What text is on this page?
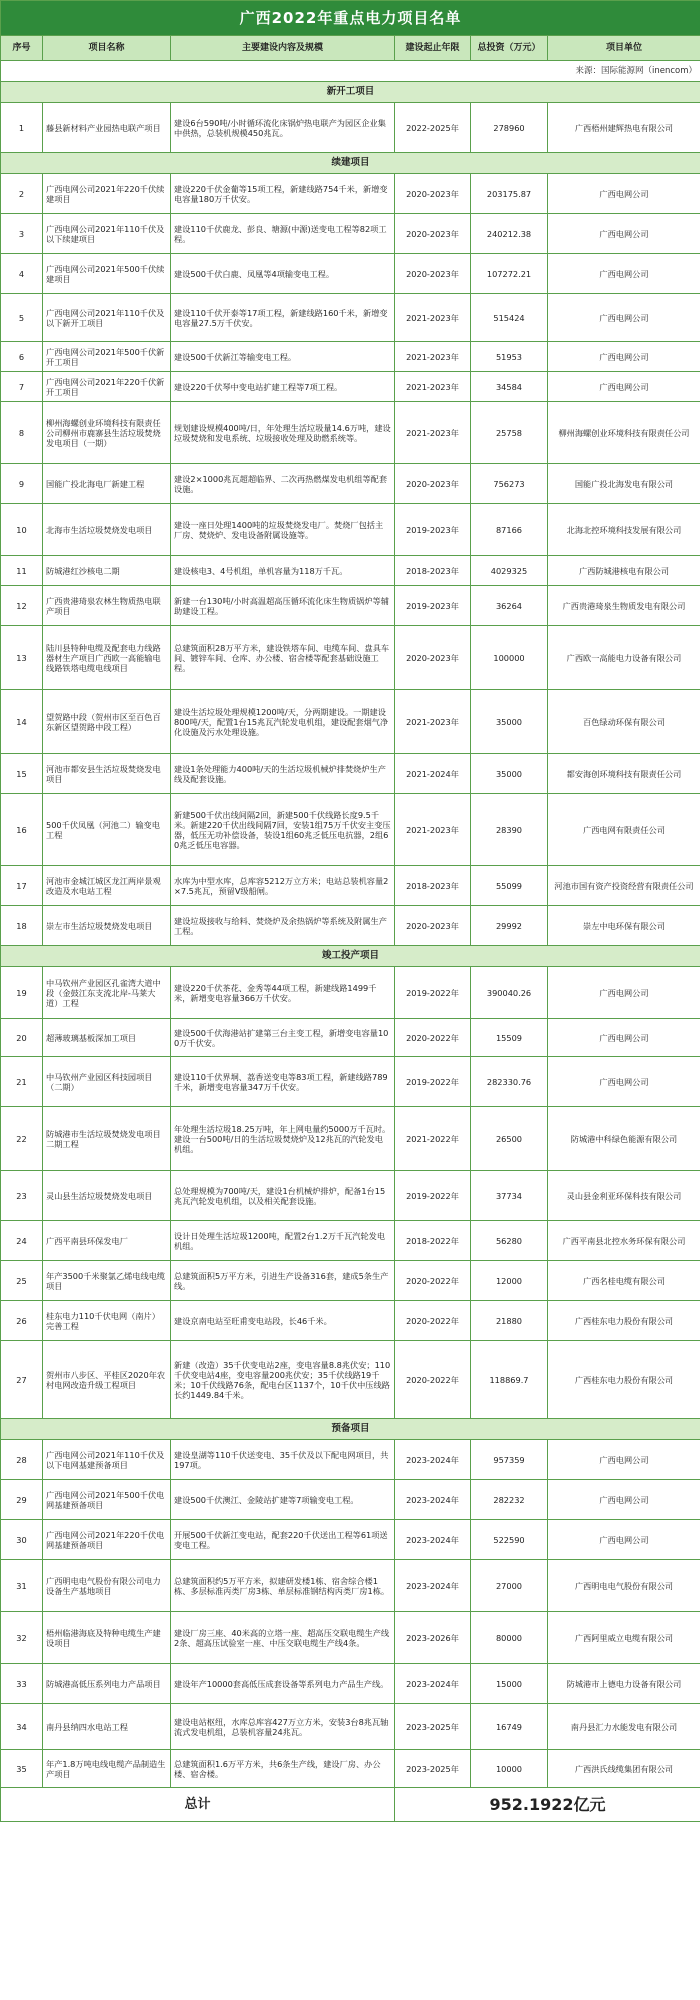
广西2022年重点电力项目名单					
序号	项目名称	主要建设内容及规模	建设起止年限	总投资（万元）	项目单位
来源：国际能源网（inencom）					
新开工项目					
1	藤县新材料产业园热电联产项目	建设6台590吨/小时循环流化床锅炉热电联产为园区企业集中供热，总装机规模450兆瓦。	2022-2025年	278960	广西梧州建辉热电有限公司
续建项目					
2	广西电网公司2021年220千伏续建项目	建设220千伏金葡等15项工程，新建线路754千米，新增变电容量180万千伏安。	2020-2023年	203175.87	广西电网公司
3	广西电网公司2021年110千伏及以下续建项目	建设110千伏鹿龙、彭良、塘源(中源)送变电工程等82项工程。	2020-2023年	240212.38	广西电网公司
4	广西电网公司2021年500千伏续建项目	建设500千伏白鹿、凤凰等4项输变电工程。	2020-2023年	107272.21	广西电网公司
5	广西电网公司2021年110千伏及以下新开工项目	建设110千伏开泰等17项工程，新建线路160千米，新增变电容量27.5万千伏安。	2021-2023年	515424	广西电网公司
6	广西电网公司2021年500千伏新开工项目	建设500千伏新江等输变电工程。	2021-2023年	51953	广西电网公司
7	广西电网公司2021年220千伏新开工项目	建设220千伏琴中变电站扩建工程等7项工程。	2021-2023年	34584	广西电网公司
8	柳州海螺创业环境科技有限责任公司柳州市鹿寨县生活垃圾焚烧发电项目（一期）	规划建设规模400吨/日，年处理生活垃圾量14.6万吨，建设垃圾焚烧和发电系统、垃圾接收处理及助燃系统等。	2021-2023年	25758	柳州海螺创业环境科技有限责任公司
9	国能广投北海电厂新建工程	建设2×1000兆瓦超超临界、二次再热燃煤发电机组等配套设施。	2020-2023年	756273	国能广投北海发电有限公司
10	北海市生活垃圾焚烧发电项目	建设一座日处理1400吨的垃圾焚烧发电厂。焚烧厂包括主厂房、焚烧炉、发电设备附属设施等。	2019-2023年	87166	北海北控环境科技发展有限公司
11	防城港红沙核电二期	建设核电3、4号机组，单机容量为118万千瓦。	2018-2023年	4029325	广西防城港核电有限公司
12	广西贵港琦泉农林生物质热电联产项目	新建一台130吨/小时高温超高压循环流化床生物质锅炉等辅助建设工程。	2019-2023年	36264	广西贵港琦泉生物质发电有限公司
13	陆川县特种电缆及配套电力线路器材生产项目广西欧一高能输电线路铁塔电缆电线项目	总建筑面积28万平方米，建设铁塔车间、电缆车间、盘具车间、镀锌车间、仓库、办公楼、宿舍楼等配套基础设施工程。	2020-2023年	100000	广西欧一高能电力设备有限公司
14	望贺路中段（贺州市区至百色百东新区望贺路中段工程）	建设生活垃圾处理规模1200吨/天，分两期建设。一期建设800吨/天，配置1台15兆瓦汽轮发电机组，建设配套烟气净化设施及污水处理设施。	2021-2023年	35000	百色绿动环保有限公司
15	河池市都安县生活垃圾焚烧发电项目	建设1条处理能力400吨/天的生活垃圾机械炉排焚烧炉生产线及配套设施。	2021-2024年	35000	都安海创环境科技有限责任公司
16	500千伏凤凰（河池二）输变电工程	新建500千伏出线间隔2回，新建500千伏线路长度9.5千米。新建220千伏出线间隔7回，安装1组75万千伏安主变压器，低压无功补偿设备，装设1组60兆乏低压电抗器，2组60兆乏低压电容器。	2021-2023年	28390	广西电网有限责任公司
17	河池市金城江城区龙江两岸景观改造及水电站工程	水库为中型水库，总库容5212万立方米；电站总装机容量2×7.5兆瓦，预留Ⅴ级船闸。	2018-2023年	55099	河池市国有资产投资经营有限责任公司
18	崇左市生活垃圾焚烧发电项目	建设垃圾接收与给料、焚烧炉及余热锅炉等系统及附属生产工程。	2020-2023年	29992	崇左中电环保有限公司
竣工投产项目					
19	中马钦州产业园区孔雀湾大道中段（金鼓江东支流北岸-马莱大道）工程	建设220千伏茶花、金秀等44项工程，新建线路1499千米，新增变电容量366万千伏安。	2019-2022年	390040.26	广西电网公司
20	超薄玻璃基板深加工项目	建设500千伏海港站扩建第三台主变工程，新增变电容量100万千伏安。	2020-2022年	15509	广西电网公司
21	中马钦州产业园区科技园项目（二期）	建设110千伏界垌、荔香送变电等83项工程，新建线路789千米，新增变电容量347万千伏安。	2019-2022年	282330.76	广西电网公司
22	防城港市生活垃圾焚烧发电项目二期工程	年处理生活垃圾18.25万吨，年上网电量约5000万千瓦时。建设一台500吨/日的生活垃圾焚烧炉及12兆瓦的汽轮发电机组。	2021-2022年	26500	防城港中科绿色能源有限公司
23	灵山县生活垃圾焚烧发电项目	总处理规模为700吨/天，建设1台机械炉排炉，配备1台15兆瓦汽轮发电机组，以及相关配套设施。	2019-2022年	37734	灵山县金利亚环保科技有限公司
24	广西平南县环保发电厂	设计日处理生活垃圾1200吨，配置2台1.2万千瓦汽轮发电机组。	2018-2022年	56280	广西平南县北控水务环保有限公司
25	年产3500千米聚氯乙烯电线电缆项目	总建筑面积5万平方米，引进生产设备316套，建成5条生产线。	2020-2022年	12000	广西名桂电缆有限公司
26	桂东电力110千伏电网（南片）完善工程	建设京南电站至旺甫变电站段，长46千米。	2020-2022年	21880	广西桂东电力股份有限公司
27	贺州市八步区、平桂区2020年农村电网改造升级工程项目	新建（改造）35千伏变电站2座，变电容量8.8兆伏安；110千伏变电站4座，变电容量200兆伏安；35千伏线路19千米；10千伏线路76条，配电台区1137个，10千伏中压线路长约1449.84千米。	2020-2022年	118869.7	广西桂东电力股份有限公司
预备项目					
28	广西电网公司2021年110千伏及以下电网基建预备项目	建设皇湖等110千伏送变电、35千伏及以下配电网项目，共197项。	2023-2024年	957359	广西电网公司
29	广西电网公司2021年500千伏电网基建预备项目	建设500千伏澳江、金陵站扩建等7项输变电工程。	2023-2024年	282232	广西电网公司
30	广西电网公司2021年220千伏电网基建预备项目	开展500千伏新江变电站，配套220千伏送出工程等61项送变电工程。	2023-2024年	522590	广西电网公司
31	广西明电电气股份有限公司电力设备生产基地项目	总建筑面积约5万平方米，拟建研发楼1栋、宿舍综合楼1栋、多层标准丙类厂房3栋、单层标准钢结构丙类厂房1栋。	2023-2024年	27000	广西明电电气股份有限公司
32	梧州临港海底及特种电缆生产建设项目	建设厂房三座、40米高的立塔一座、超高压交联电缆生产线2条、超高压试验室一座、中压交联电缆生产线4条。	2023-2026年	80000	广西阿里威立电缆有限公司
33	防城港高低压系列电力产品项目	建设年产10000套高低压成套设备等系列电力产品生产线。	2023-2024年	15000	防城港市上德电力设备有限公司
34	南丹县纳四水电站工程	建设电站枢纽，水库总库容427万立方米，安装3台8兆瓦轴流式发电机组，总装机容量24兆瓦。	2023-2025年	16749	南丹县汇力水能发电有限公司
35	年产1.8万吨电线电缆产品制造生产项目	总建筑面积1.6万平方米，共6条生产线，建设厂房、办公楼、宿舍楼。	2023-2025年	10000	广西洪氏线缆集团有限公司
总计			952.1922亿元		
